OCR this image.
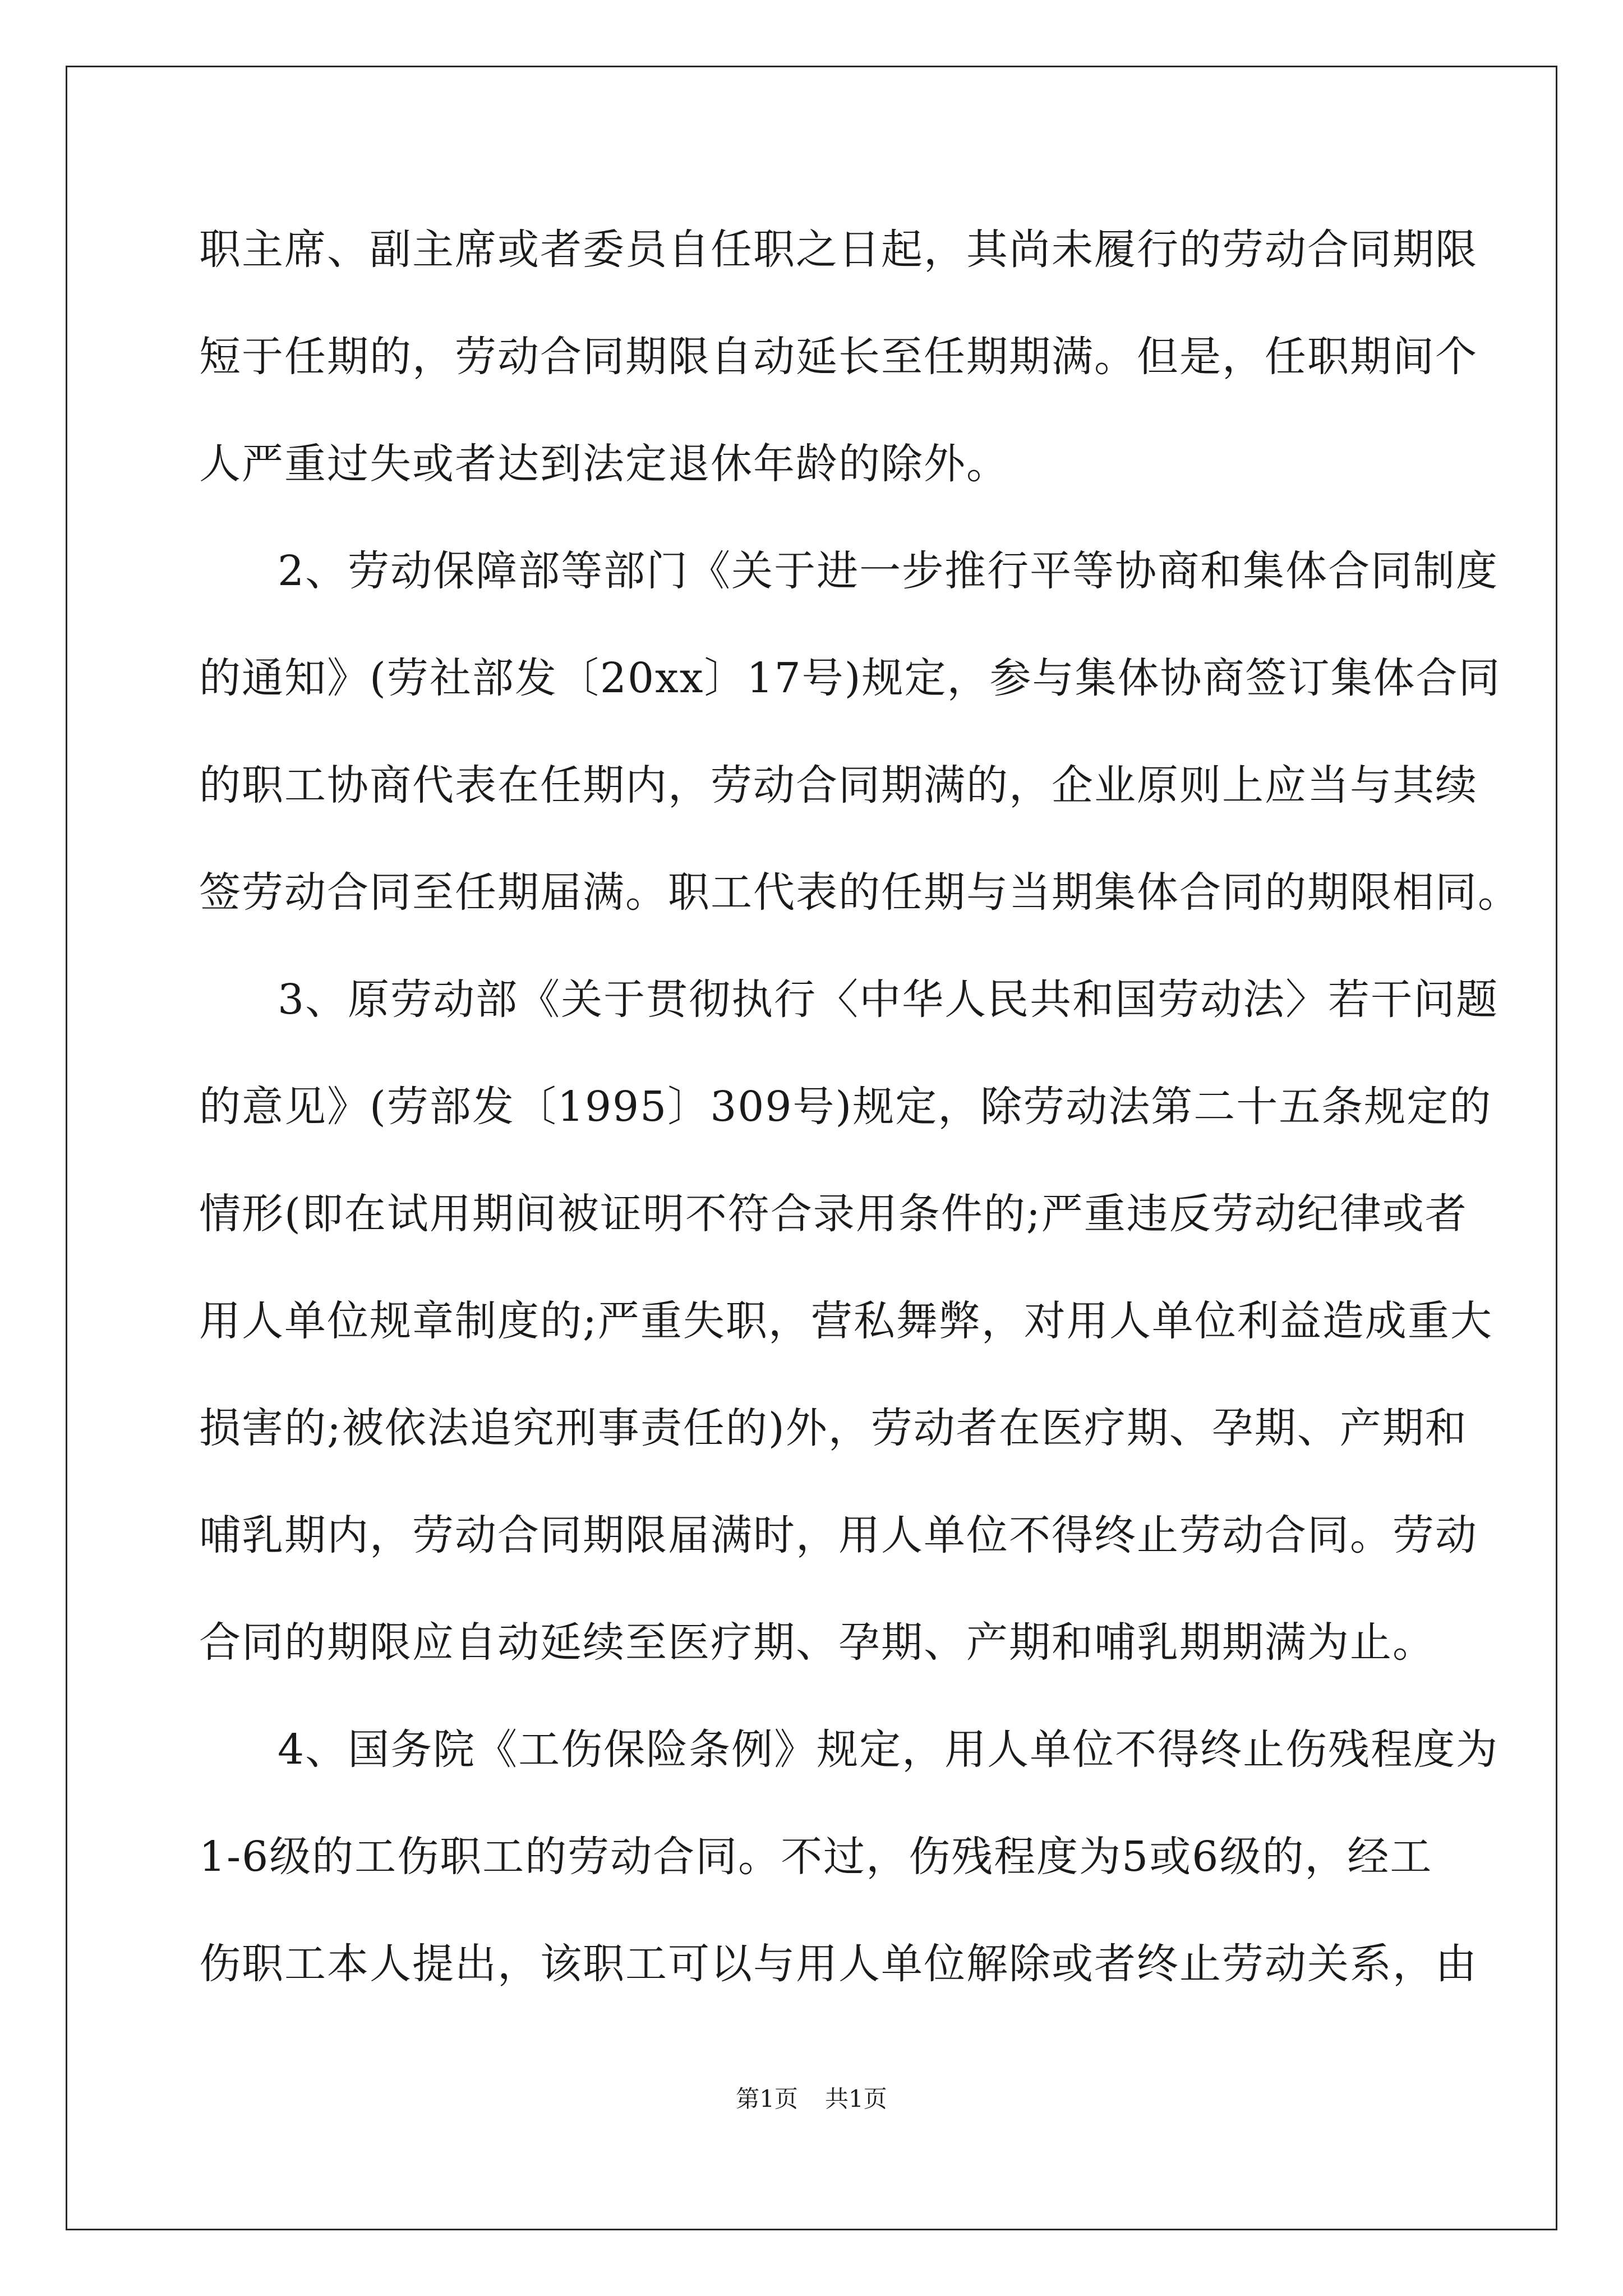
职主席、副主席或者委员自任职之日起，其尚未履行的劳动合同期限
短于任期的，劳动合同期限自动延长至任期期满。但是，任职期间个
人严重过失或者达到法定退休年龄的除外。
2、劳动保障部等部门《关于进一步推行平等协商和集体合同制度
的通知》(劳社部发〔20xx〕17号)规定，参与集体协商签订集体合同
的职工协商代表在任期内，劳动合同期满的，企业原则上应当与其续
签劳动合同至任期届满。职工代表的任期与当期集体合同的期限相同。
3、原劳动部《关于贯彻执行〈中华人民共和国劳动法〉若干问题
的意见》(劳部发〔1995〕309号)规定，除劳动法第二十五条规定的
情形(即在试用期间被证明不符合录用条件的;严重违反劳动纪律或者
用人单位规章制度的;严重失职，营私舞弊，对用人单位利益造成重大
损害的;被依法追究刑事责任的)外，劳动者在医疗期、孕期、产期和
哺乳期内，劳动合同期限届满时，用人单位不得终止劳动合同。劳动
合同的期限应自动延续至医疗期、孕期、产期和哺乳期期满为止。
4、国务院《工伤保险条例》规定，用人单位不得终止伤残程度为
1-6级的工伤职工的劳动合同。不过，伤残程度为5或6级的，经工
伤职工本人提出，该职工可以与用人单位解除或者终止劳动关系，由
第1页 共1页
